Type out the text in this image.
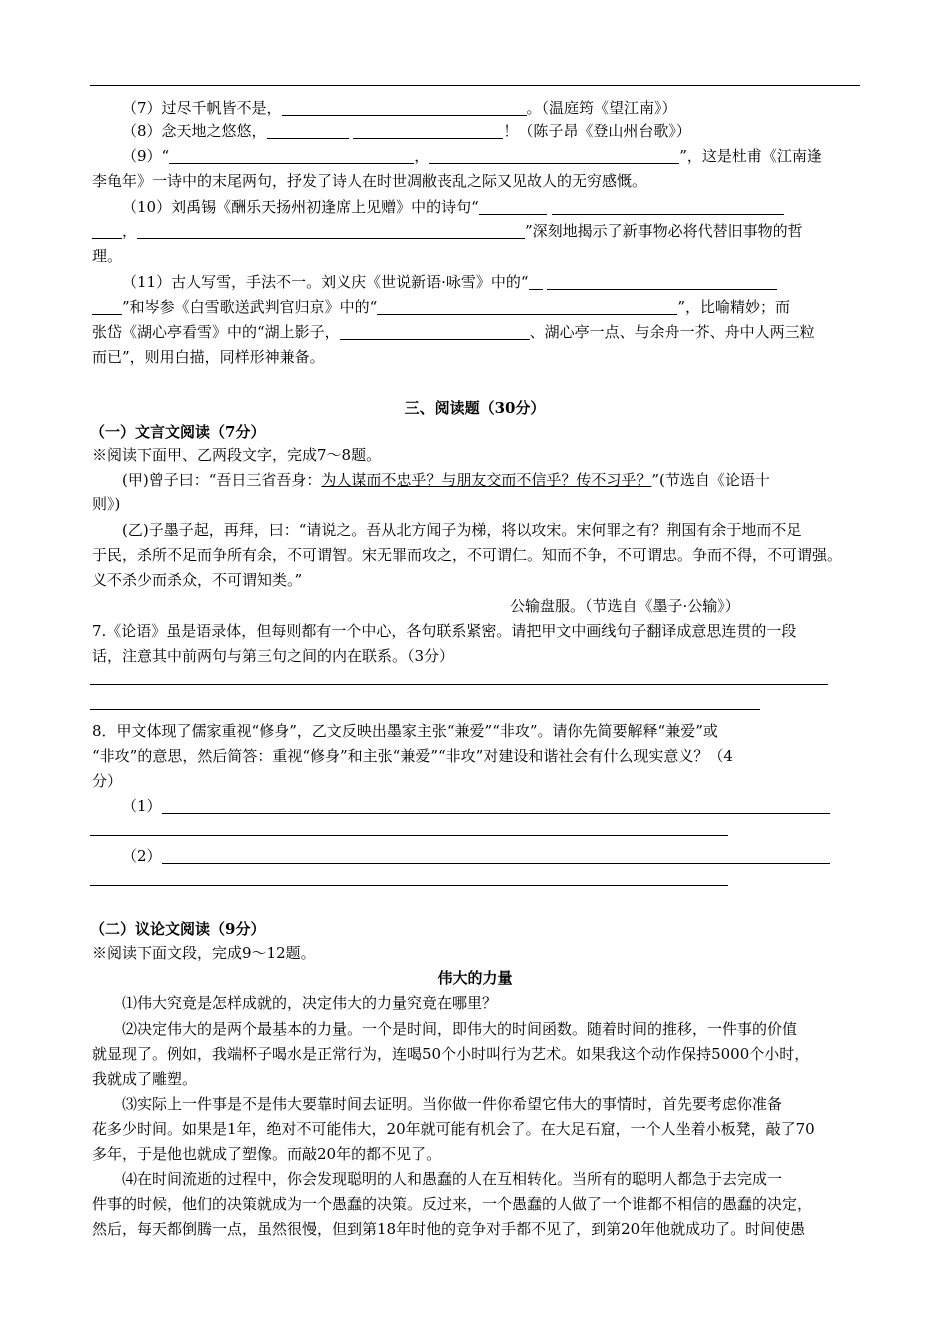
（7）过尽千帆皆不是，	。（温庭筠《望江南》）
（8）念天地之悠悠，	！（陈子昂《登山州台歌》）
（9）“	，	”，这是杜甫《江南逢
李龟年》一诗中的末尾两句，抒发了诗人在时世凋敝丧乱之际又见故人的无穷感慨。
（10）刘禹锡《酬乐天扬州初逢席上见赠》中的诗句“
，	”深刻地揭示了新事物必将代替旧事物的哲
理。
（11）古人写雪，手法不一。刘义庆《世说新语·咏雪》中的“
”和岑参《白雪歌送武判官归京》中的“	”，比喻精妙；而
张岱《湖心亭看雪》中的“湖上影子，	、湖心亭一点、与余舟一芥、舟中人两三粒
而已”，则用白描，同样形神兼备。
三、阅读题（30分）
（一）文言文阅读（7分）
※阅读下面甲、乙两段文字，完成7～8题。
(甲)曾子曰：“吾日三省吾身：为人谋而不忠乎？与朋友交而不信乎？传不习乎？”(节选自《论语十
则》)
(乙)子墨子起，再拜，曰：“请说之。吾从北方闻子为梯，将以攻宋。宋何罪之有？荆国有余于地而不足
于民，杀所不足而争所有余，不可谓智。宋无罪而攻之，不可谓仁。知而不争，不可谓忠。争而不得，不可谓强。
义不杀少而杀众，不可谓知类。”
公输盘服。（节选自《墨子·公输》）
7.《论语》虽是语录体，但每则都有一个中心，各句联系紧密。请把甲文中画线句子翻译成意思连贯的一段
话，注意其中前两句与第三句之间的内在联系。（3分）
8．甲文体现了儒家重视“修身”，乙文反映出墨家主张“兼爱”“非攻”。请你先简要解释“兼爱”或
“非攻”的意思，然后简答：重视“修身”和主张“兼爱”“非攻”对建设和谐社会有什么现实意义？（4
分）
（1）
（2）
（二）议论文阅读（9分）
※阅读下面文段，完成9～12题。
伟大的力量
⑴伟大究竟是怎样成就的，决定伟大的力量究竟在哪里？
⑵决定伟大的是两个最基本的力量。一个是时间，即伟大的时间函数。随着时间的推移，一件事的价值
就显现了。例如，我端杯子喝水是正常行为，连喝50个小时叫行为艺术。如果我这个动作保持5000个小时，
我就成了雕塑。
⑶实际上一件事是不是伟大要靠时间去证明。当你做一件你希望它伟大的事情时，首先要考虑你准备
花多少时间。如果是1年，绝对不可能伟大，20年就可能有机会了。在大足石窟，一个人坐着小板凳，敲了70
多年，于是他也就成了塑像。而敲20年的都不见了。
⑷在时间流逝的过程中，你会发现聪明的人和愚蠢的人在互相转化。当所有的聪明人都急于去完成一
件事的时候，他们的决策就成为一个愚蠢的决策。反过来，一个愚蠢的人做了一个谁都不相信的愚蠢的决定，
然后，每天都倒腾一点，虽然很慢，但到第18年时他的竞争对手都不见了，到第20年他就成功了。时间使愚
